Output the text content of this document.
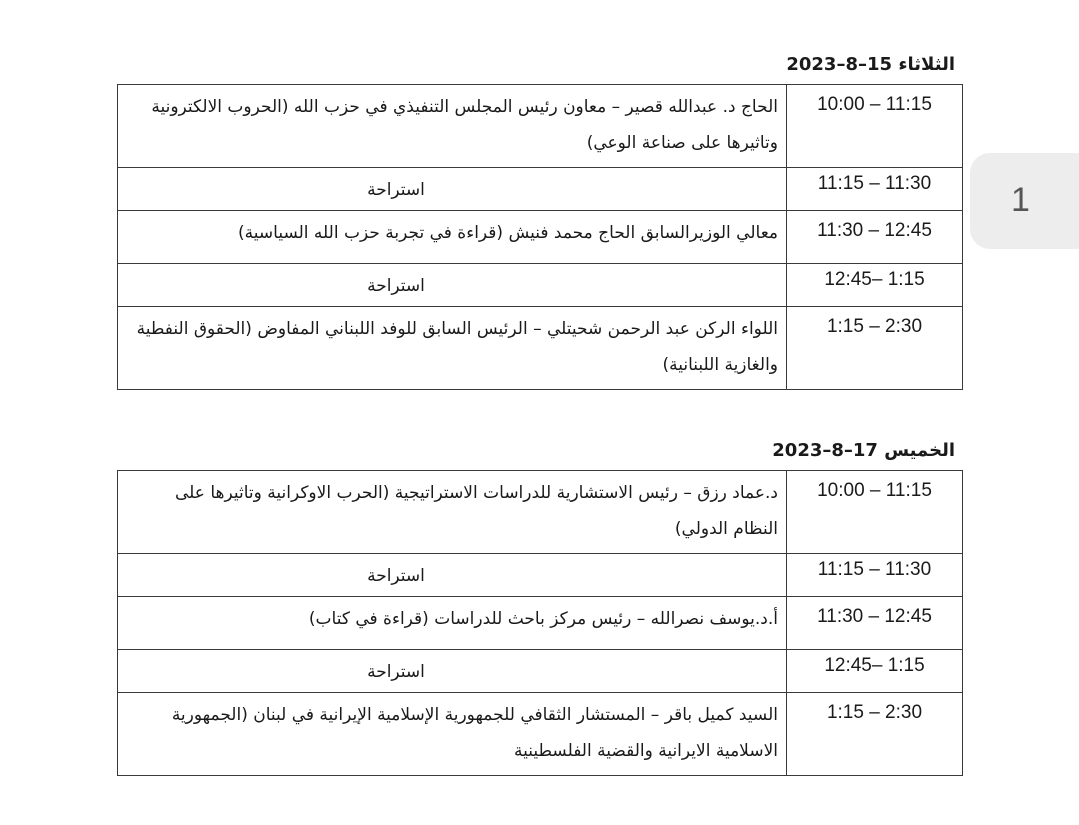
الثلاثاء 15–8–2023
الحاج د. عبدالله قصير – معاون رئيس المجلس التنفيذي في حزب الله (الحروب الالكترونية وتاثيرها على صناعة الوعي)	10:00 – 11:15
استراحة	11:15 – 11:30
معالي الوزيرالسابق الحاج محمد فنيش (قراءة في تجربة حزب الله السياسية)	11:30 – 12:45
استراحة	12:45– 1:15
اللواء الركن عبد الرحمن شحيتلي – الرئيس السابق للوفد اللبناني المفاوض (الحقوق النفطية والغازية اللبنانية)	1:15 – 2:30
الخميس 17–8–2023
د.عماد رزق – رئيس الاستشارية للدراسات الاستراتيجية (الحرب الاوكرانية وتاثيرها على النظام الدولي)	10:00 – 11:15
استراحة	11:15 – 11:30
أ.د.يوسف نصرالله – رئيس مركز باحث للدراسات (قراءة في كتاب)	11:30 – 12:45
استراحة	12:45– 1:15
السيد كميل باقر – المستشار الثقافي للجمهورية الإسلامية الإيرانية في لبنان (الجمهورية الاسلامية الايرانية والقضية الفلسطينية	1:15 – 2:30
1
